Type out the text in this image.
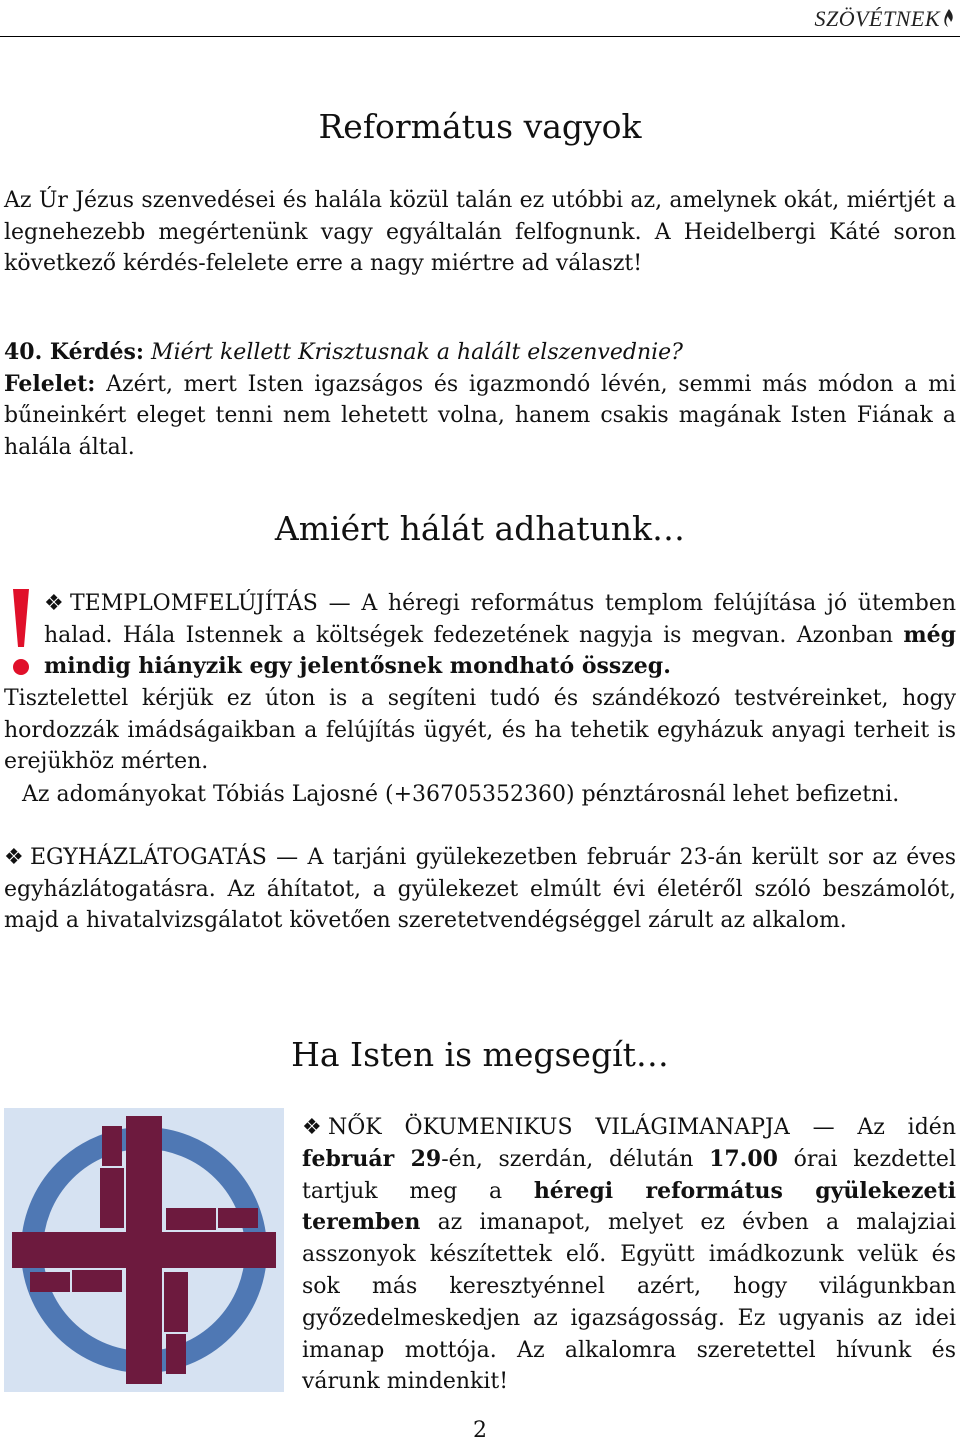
SZÖVÉTNEK
Református vagyok
Az Úr Jézus szenvedései és halála közül talán ez utóbbi az, amelynek okát, miértjét a legnehezebb megértenünk vagy egyáltalán felfognunk. A Heidelbergi Káté soron következő kérdés-felelete erre a nagy miértre ad választ!
40. Kérdés: Miért kellett Krisztusnak a halált elszenvednie?
Felelet: Azért, mert Isten igazságos és igazmondó lévén, semmi más módon a mi bűneinkért eleget tenni nem lehetett volna, hanem csakis magának Isten Fiának a halála által.
Amiért hálát adhatunk…
❖ TEMPLOMFELÚJÍTÁS — A héregi református templom felújítása jó ütemben halad. Hála Istennek a költségek fedezetének nagyja is megvan. Azonban még mindig hiányzik egy jelentősnek mondható összeg.
Tisztelettel kérjük ez úton is a segíteni tudó és szándékozó testvéreinket, hogy hordozzák imádságaikban a felújítás ügyét, és ha tehetik egyházuk anyagi terheit is erejükhöz mérten.
Az adományokat Tóbiás Lajosné (+36705352360) pénztárosnál lehet befizetni.
❖ EGYHÁZLÁTOGATÁS — A tarjáni gyülekezetben február 23-án került sor az éves egyházlátogatásra. Az áhítatot, a gyülekezet elmúlt évi életéről szóló beszámolót, majd a hivatalvizsgálatot követően szeretetvendégséggel zárult az alkalom.
Ha Isten is megsegít…
❖ NŐK ÖKUMENIKUS VILÁGIMANAPJA — Az idén február 29-én, szerdán, délután 17.00 órai kezdettel tartjuk meg a héregi református gyülekezeti teremben az imanapot, melyet ez évben a malajziai asszonyok készítettek elő. Együtt imádkozunk velük és sok más keresztyénnel azért, hogy világunkban győzedelmeskedjen az igazságosság. Ez ugyanis az idei imanap mottója. Az alkalomra szeretettel hívunk és várunk mindenkit!
2
